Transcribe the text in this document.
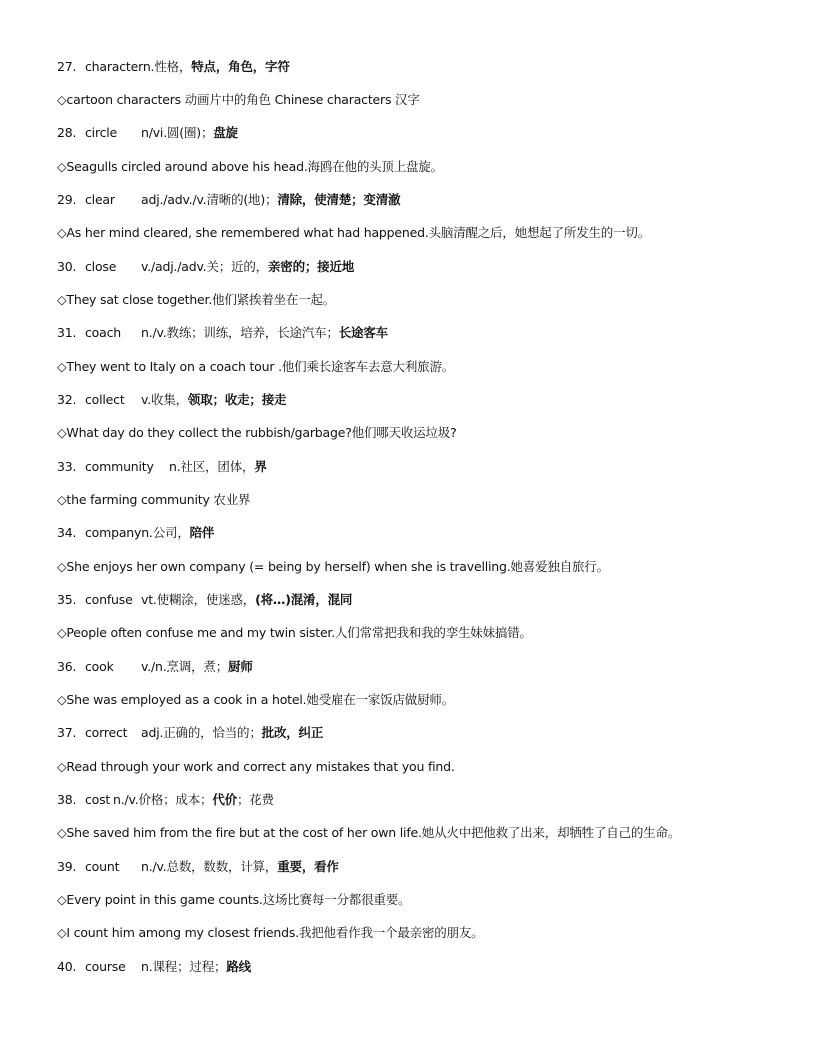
27. charactern.性格，特点，角色，字符
◇cartoon characters 动画片中的角色 Chinese characters 汉字
28. circle n/vi.圆(圈)；盘旋
◇Seagulls circled around above his head.海鸥在他的头顶上盘旋。
29. clear adj./adv./v.清晰的(地)；清除，使清楚；变清澈
◇As her mind cleared, she remembered what had happened.头脑清醒之后，她想起了所发生的一切。
30. close v./adj./adv.关；近的，亲密的；接近地
◇They sat close together.他们紧挨着坐在一起。
31. coach n./v.教练；训练，培养，长途汽车；长途客车
◇They went to Italy on a coach tour .他们乘长途客车去意大利旅游。
32. collect v.收集，领取；收走；接走
◇What day do they collect the rubbish/garbage?他们哪天收运垃圾?
33. community n.社区，团体，界
◇the farming community 农业界
34. companyn.公司，陪伴
◇She enjoys her own company (= being by herself) when she is travelling.她喜爱独自旅行。
35. confuse vt.使糊涂，使迷惑，(将…)混淆，混同
◇People often confuse me and my twin sister.人们常常把我和我的孪生妹妹搞错。
36. cook v./n.烹调，煮；厨师
◇She was employed as a cook in a hotel.她受雇在一家饭店做厨师。
37. correct adj.正确的，恰当的；批改，纠正
◇Read through your work and correct any mistakes that you find.
38. cost n./v.价格；成本；代价；花费
◇She saved him from the fire but at the cost of her own life.她从火中把他救了出来，却牺牲了自己的生命。
39. count n./v.总数，数数，计算，重要，看作
◇Every point in this game counts.这场比赛每一分都很重要。
◇I count him among my closest friends.我把他看作我一个最亲密的朋友。
40. course n.课程；过程；路线
